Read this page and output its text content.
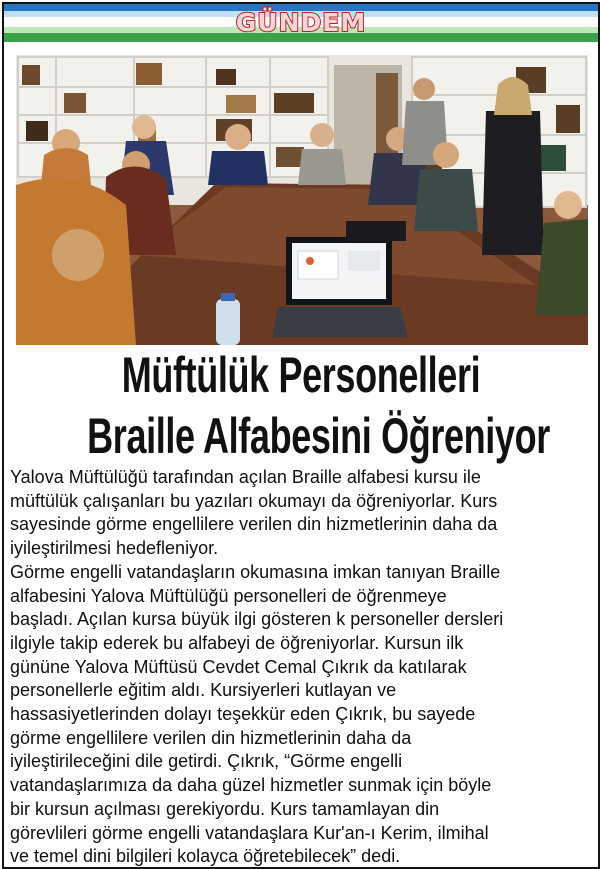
GÜNDEM
Müftülük Personelleri
Braille Alfabesini Öğreniyor

Yalova Müftülüğü tarafından açılan Braille alfabesi kursu ile
müftülük çalışanları bu yazıları okumayı da öğreniyorlar. Kurs
sayesinde görme engellilere verilen din hizmetlerinin daha da
iyileştirilmesi hedefleniyor.

Görme engelli vatandaşların okumasına imkan tanıyan Braille
alfabesini Yalova Müftülüğü personelleri de öğrenmeye
başladı. Açılan kursa büyük ilgi gösteren k personeller dersleri
ilgiyle takip ederek bu alfabeyi de öğreniyorlar. Kursun ilk
gününe Yalova Müftüsü Cevdet Cemal Çıkrık da katılarak
personellerle eğitim aldı. Kursiyerleri kutlayan ve
hassasiyetlerinden dolayı teşekkür eden Çıkrık, bu sayede
görme engellilere verilen din hizmetlerinin daha da
iyileştirileceğini dile getirdi. Çıkrık, “Görme engelli
vatandaşlarımıza da daha güzel hizmetler sunmak için böyle
bir kursun açılması gerekiyordu. Kurs tamamlayan din
görevlileri görme engelli vatandaşlara Kur'an-ı Kerim, ilmihal
ve temel dini bilgileri kolayca öğretebilecek” dedi.
